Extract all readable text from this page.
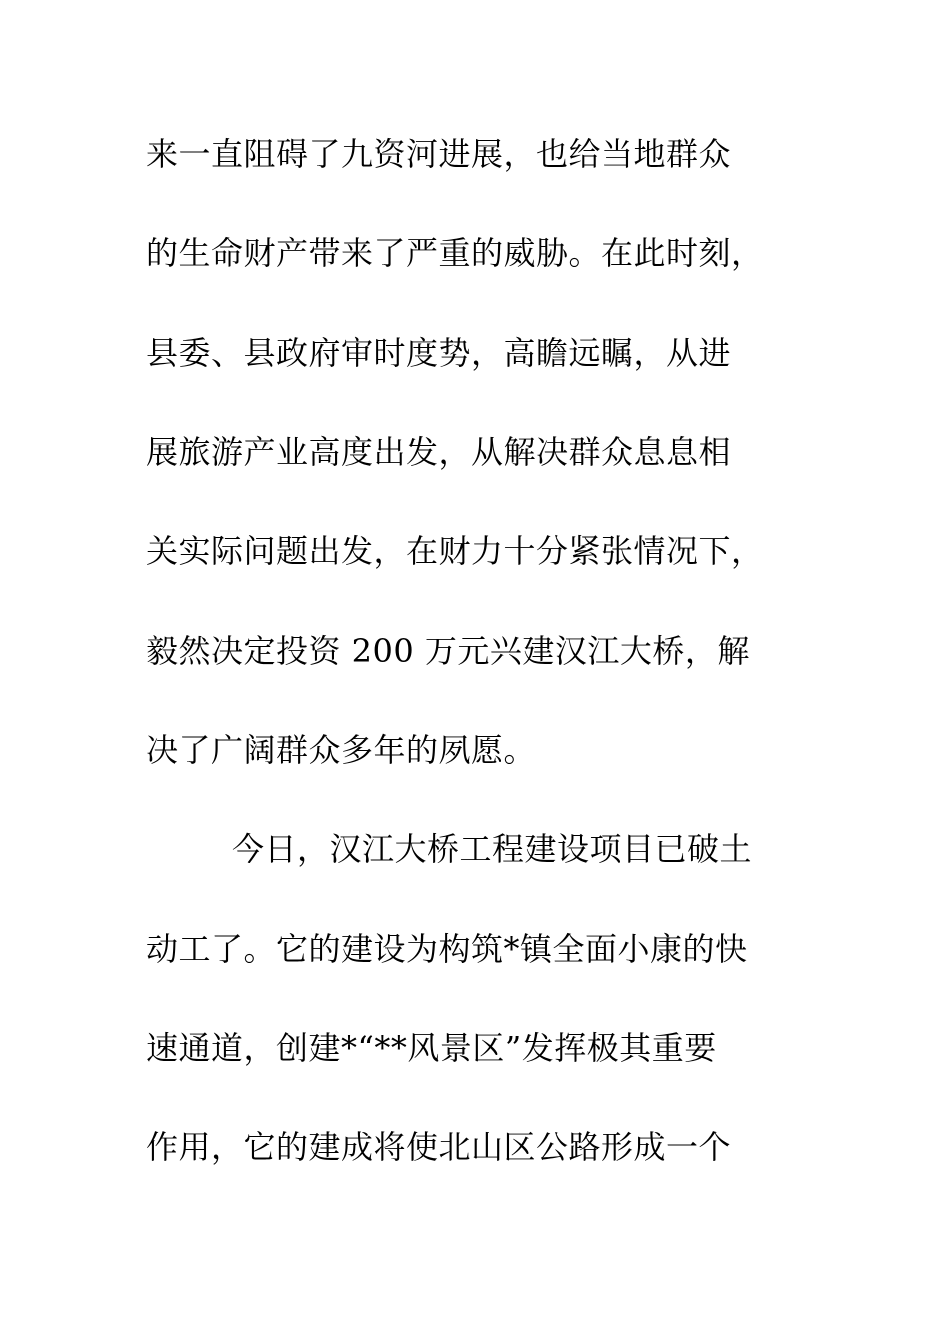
来一直阻碍了九资河进展，也给当地群众
的生命财产带来了严重的威胁。在此时刻，
县委、县政府审时度势，高瞻远瞩，从进
展旅游产业高度出发，从解决群众息息相
关实际问题出发，在财力十分紧张情况下，
毅然决定投资 200 万元兴建汉江大桥，解
决了广阔群众多年的夙愿。
今日，汉江大桥工程建设项目已破土
动工了。它的建设为构筑*镇全面小康的快
速通道，创建*“**风景区”发挥极其重要
作用，它的建成将使北山区公路形成一个
